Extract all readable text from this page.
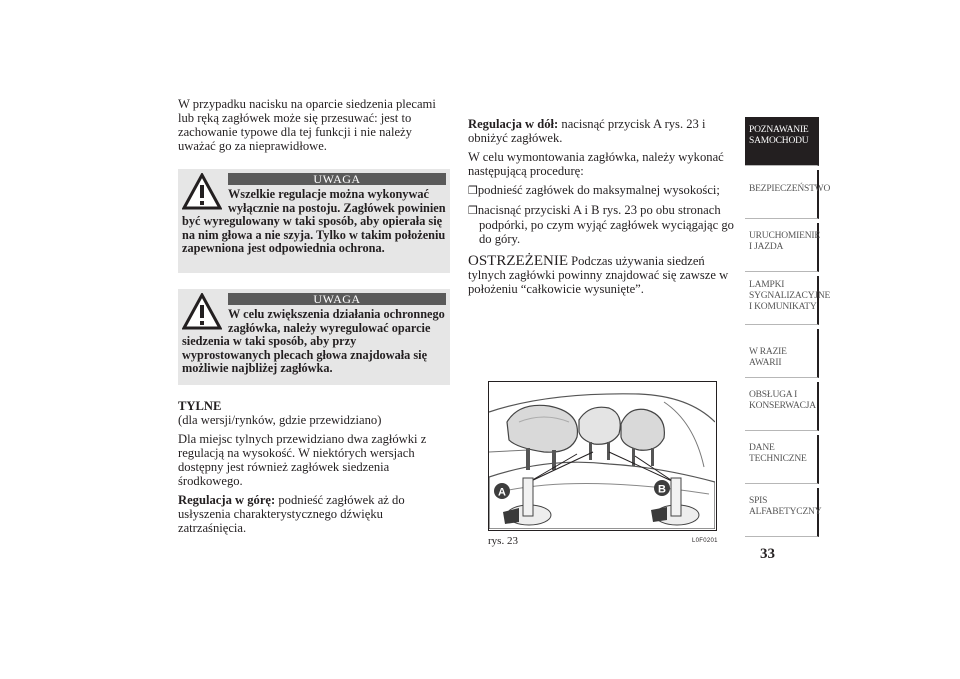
W przypadku nacisku na oparcie siedzenia plecami lub ręką zagłówek może się przesuwać: jest to zachowanie typowe dla tej funkcji i nie należy uważać go za nieprawidłowe.

UWAGA
Wszelkie regulacje można wykonywać wyłącznie na postoju. Zagłówek powinien być wyregulowany w taki sposób, aby opierała się na nim głowa a nie szyja. Tylko w takim położeniu zapewniona jest odpowiednia ochrona.
UWAGA
W celu zwiększenia działania ochronnego zagłówka, należy wyregulować oparcie siedzenia w taki sposób, aby przy wyprostowanych plecach głowa znajdowała się możliwie najbliżej zagłówka.
TYLNE

(dla wersji/rynków, gdzie przewidziano)

Dla miejsc tylnych przewidziano dwa zagłówki z regulacją na wysokość. W niektórych wersjach dostępny jest również zagłówek siedzenia środkowego.

Regulacja w górę: podnieść zagłówek aż do usłyszenia charakterystycznego dźwięku zatrzaśnięcia.

Regulacja w dół: nacisnąć przycisk A rys. 23 i obniżyć zagłówek.

W celu wymontowania zagłówka, należy wykonać następującą procedurę:

❒podnieść zagłówek do maksymalnej wysokości;

❒nacisnąć przyciski A i B rys. 23 po obu stronach podpórki, po czym wyjąć zagłówek wyciągając go do góry.

OSTRZEŻENIE Podczas używania siedzeń tylnych zagłówki powinny znajdować się zawsze w położeniu “całkowicie wysunięte”.

A	B
rys. 23	L0F0201
POZNAWANIE SAMOCHODU
BEZPIECZEŃSTWO
URUCHOMIENIE I JAZDA
LAMPKI SYGNALIZACYJNE I KOMUNIKATY
W RAZIE AWARII
OBSŁUGA I KONSERWACJA
DANE TECHNICZNE
SPIS ALFABETYCZNY
33
